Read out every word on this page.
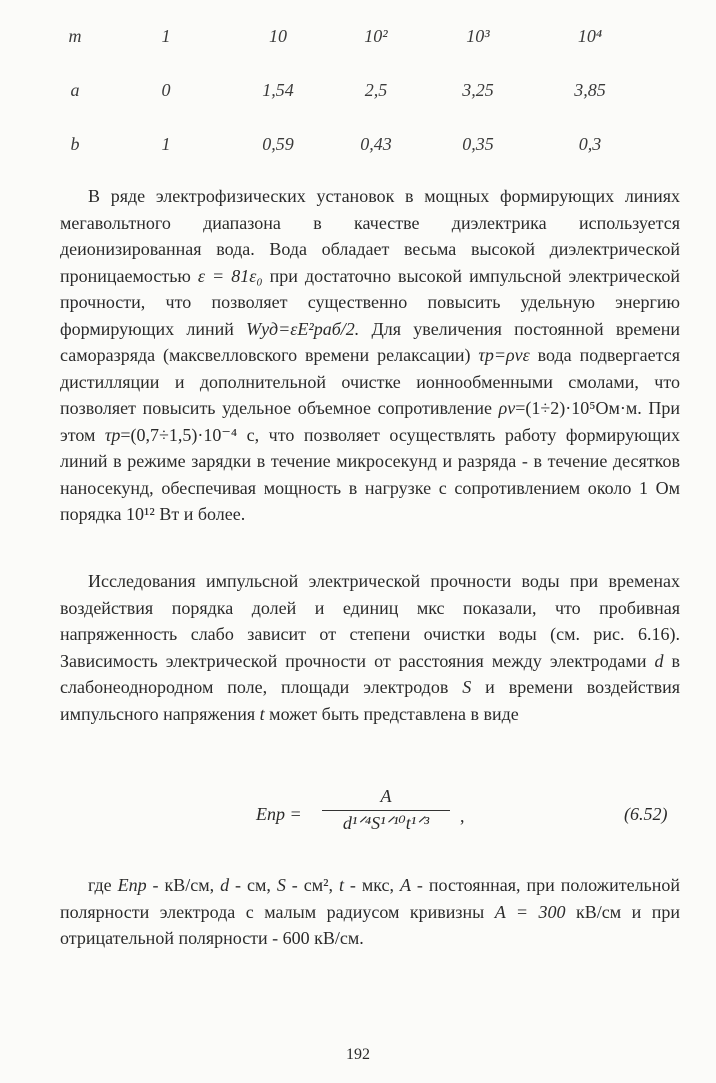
m	1	10	10²	10³	10⁴
a	0	1,54	2,5	3,25	3,85
b	1	0,59	0,43	0,35	0,3

В ряде электрофизических установок в мощных формирующих линиях мегавольтного диапазона в качестве диэлектрика используется деионизированная вода. Вода обладает весьма высокой диэлектрической проницаемостью ε = 81ε₀ при достаточно высокой импульсной электрической прочности, что позволяет существенно повысить удельную энергию формирующих линий Wуд=εE²раб/2. Для увеличения постоянной времени саморазряда (максвелловского времени релаксации) τр=ρvε вода подвергается дистилляции и дополнительной очистке ионнообменными смолами, что позволяет повысить удельное объемное сопротивление ρv=(1÷2)·10⁵Ом·м. При этом τр=(0,7÷1,5)·10⁻⁴ с, что позволяет осуществлять работу формирующих линий в режиме зарядки в течение микросекунд и разряда - в течение десятков наносекунд, обеспечивая мощность в нагрузке с сопротивлением около 1 Ом порядка 10¹² Вт и более.

Исследования импульсной электрической прочности воды при временах воздействия порядка долей и единиц мкс показали, что пробивная напряженность слабо зависит от степени очистки воды (см. рис. 6.16). Зависимость электрической прочности от расстояния между электродами d в слабонеоднородном поле, площади электродов S и времени воздействия импульсного напряжения t может быть представлена в виде

Eпр =
A
d¹ᐟ⁴S¹ᐟ¹⁰t¹ᐟ³	,	(6.52)

где Eпр - кВ/см, d - см, S - см², t - мкс, A - постоянная, при положительной полярности электрода с малым радиусом кривизны A = 300 кВ/см и при отрицательной полярности - 600 кВ/см.

192
